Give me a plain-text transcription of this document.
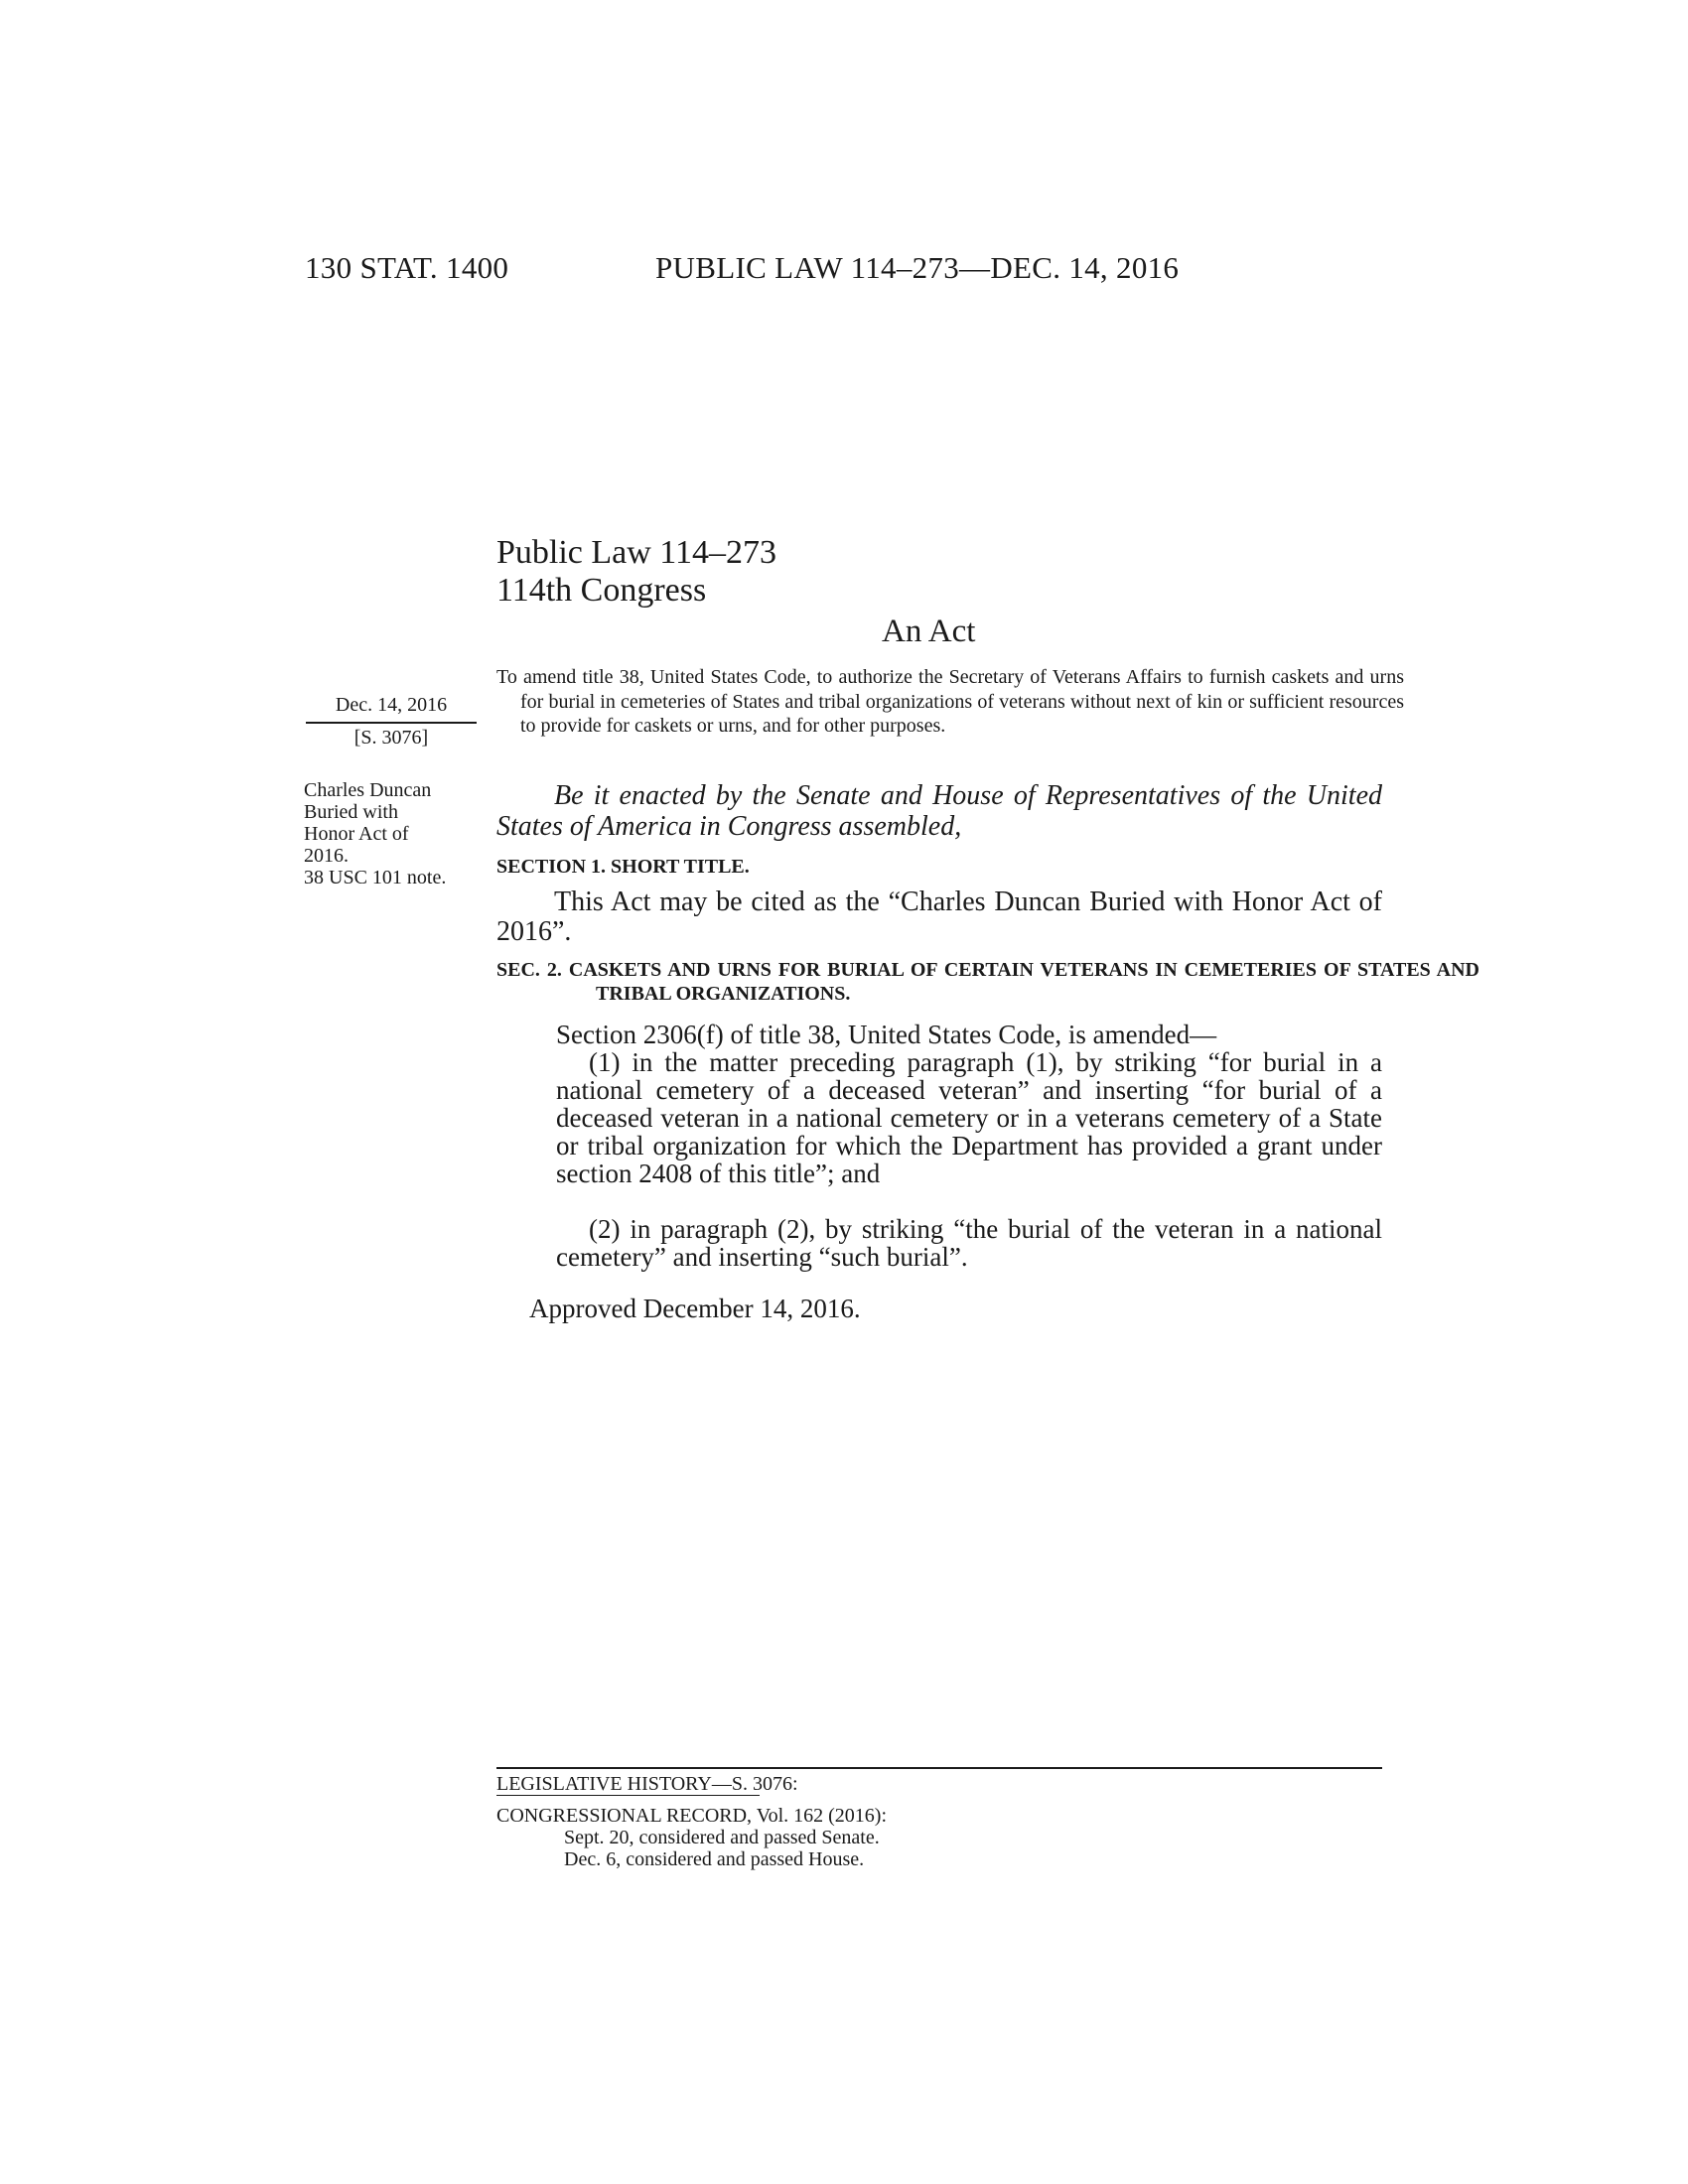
130 STAT. 1400	PUBLIC LAW 114–273—DEC. 14, 2016
Public Law 114–273
114th Congress
An Act
Dec. 14, 2016
[S. 3076]
Charles Duncan
Buried with
Honor Act of
2016.
38 USC 101 note.
To amend title 38, United States Code, to authorize the Secretary of Veterans Affairs to furnish caskets and urns for burial in cemeteries of States and tribal organizations of veterans without next of kin or sufficient resources to provide for caskets or urns, and for other purposes.
Be it enacted by the Senate and House of Representatives of the United States of America in Congress assembled,
SECTION 1. SHORT TITLE.
This Act may be cited as the “Charles Duncan Buried with Honor Act of 2016”.
SEC. 2. CASKETS AND URNS FOR BURIAL OF CERTAIN VETERANS IN CEMETERIES OF STATES AND TRIBAL ORGANIZATIONS.
Section 2306(f) of title 38, United States Code, is amended—
(1) in the matter preceding paragraph (1), by striking “for burial in a national cemetery of a deceased veteran” and inserting “for burial of a deceased veteran in a national cemetery or in a veterans cemetery of a State or tribal organization for which the Department has provided a grant under section 2408 of this title”; and
(2) in paragraph (2), by striking “the burial of the veteran in a national cemetery” and inserting “such burial”.
Approved December 14, 2016.
LEGISLATIVE HISTORY—S. 3076:
CONGRESSIONAL RECORD, Vol. 162 (2016):
Sept. 20, considered and passed Senate.
Dec. 6, considered and passed House.
